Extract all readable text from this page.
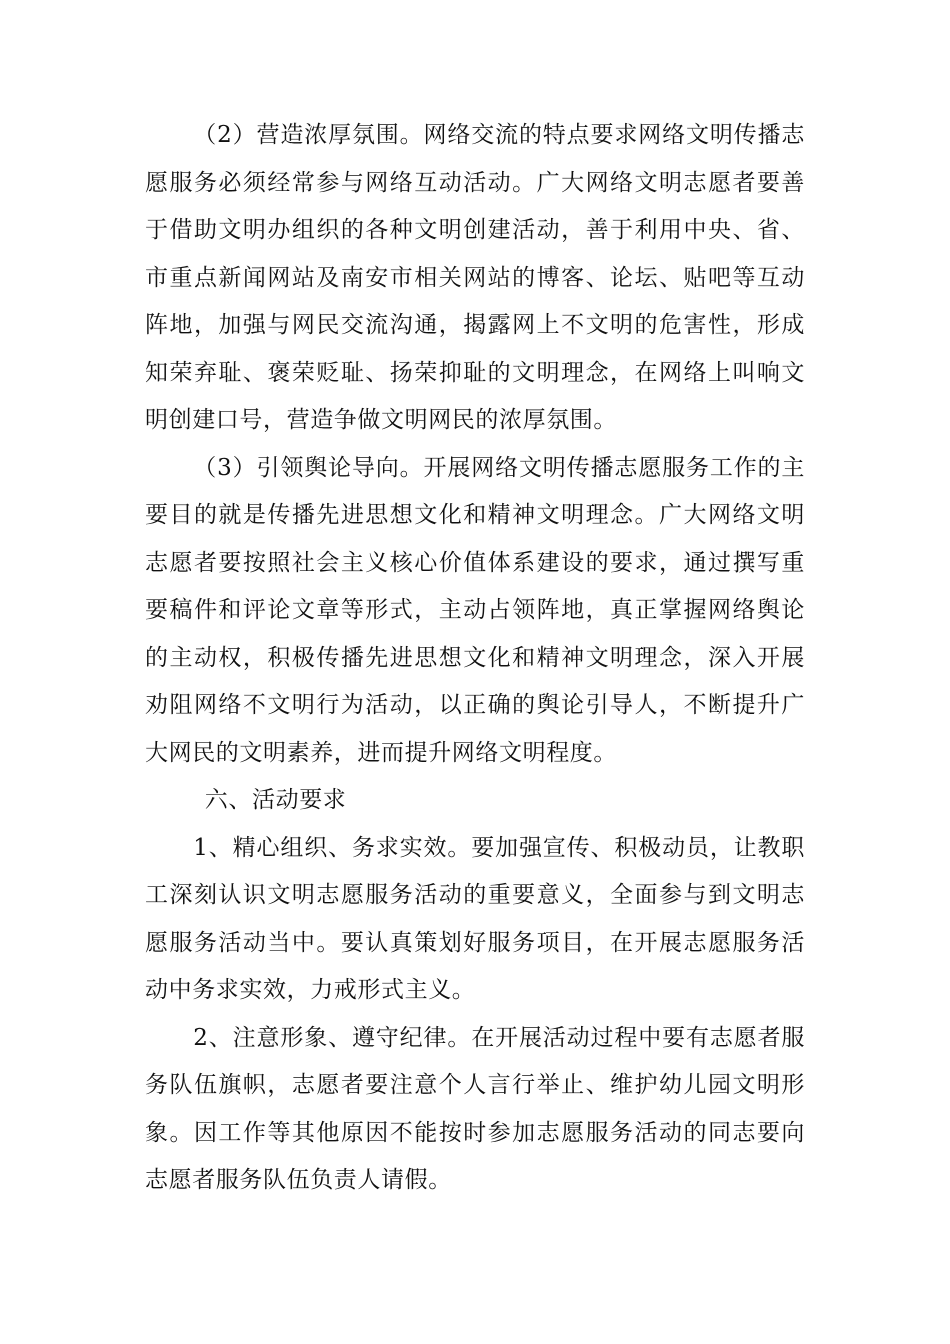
（2）营造浓厚氛围。网络交流的特点要求网络文明传播志愿服务必须经常参与网络互动活动。广大网络文明志愿者要善于借助文明办组织的各种文明创建活动，善于利用中央、省、市重点新闻网站及南安市相关网站的博客、论坛、贴吧等互动阵地，加强与网民交流沟通，揭露网上不文明的危害性，形成知荣弃耻、褒荣贬耻、扬荣抑耻的文明理念，在网络上叫响文明创建口号，营造争做文明网民的浓厚氛围。

（3）引领舆论导向。开展网络文明传播志愿服务工作的主要目的就是传播先进思想文化和精神文明理念。广大网络文明志愿者要按照社会主义核心价值体系建设的要求，通过撰写重要稿件和评论文章等形式，主动占领阵地，真正掌握网络舆论的主动权，积极传播先进思想文化和精神文明理念，深入开展劝阻网络不文明行为活动，以正确的舆论引导人，不断提升广大网民的文明素养，进而提升网络文明程度。

六、活动要求

1、精心组织、务求实效。要加强宣传、积极动员，让教职工深刻认识文明志愿服务活动的重要意义，全面参与到文明志愿服务活动当中。要认真策划好服务项目，在开展志愿服务活动中务求实效，力戒形式主义。

2、注意形象、遵守纪律。在开展活动过程中要有志愿者服务队伍旗帜，志愿者要注意个人言行举止、维护幼儿园文明形象。因工作等其他原因不能按时参加志愿服务活动的同志要向志愿者服务队伍负责人请假。
